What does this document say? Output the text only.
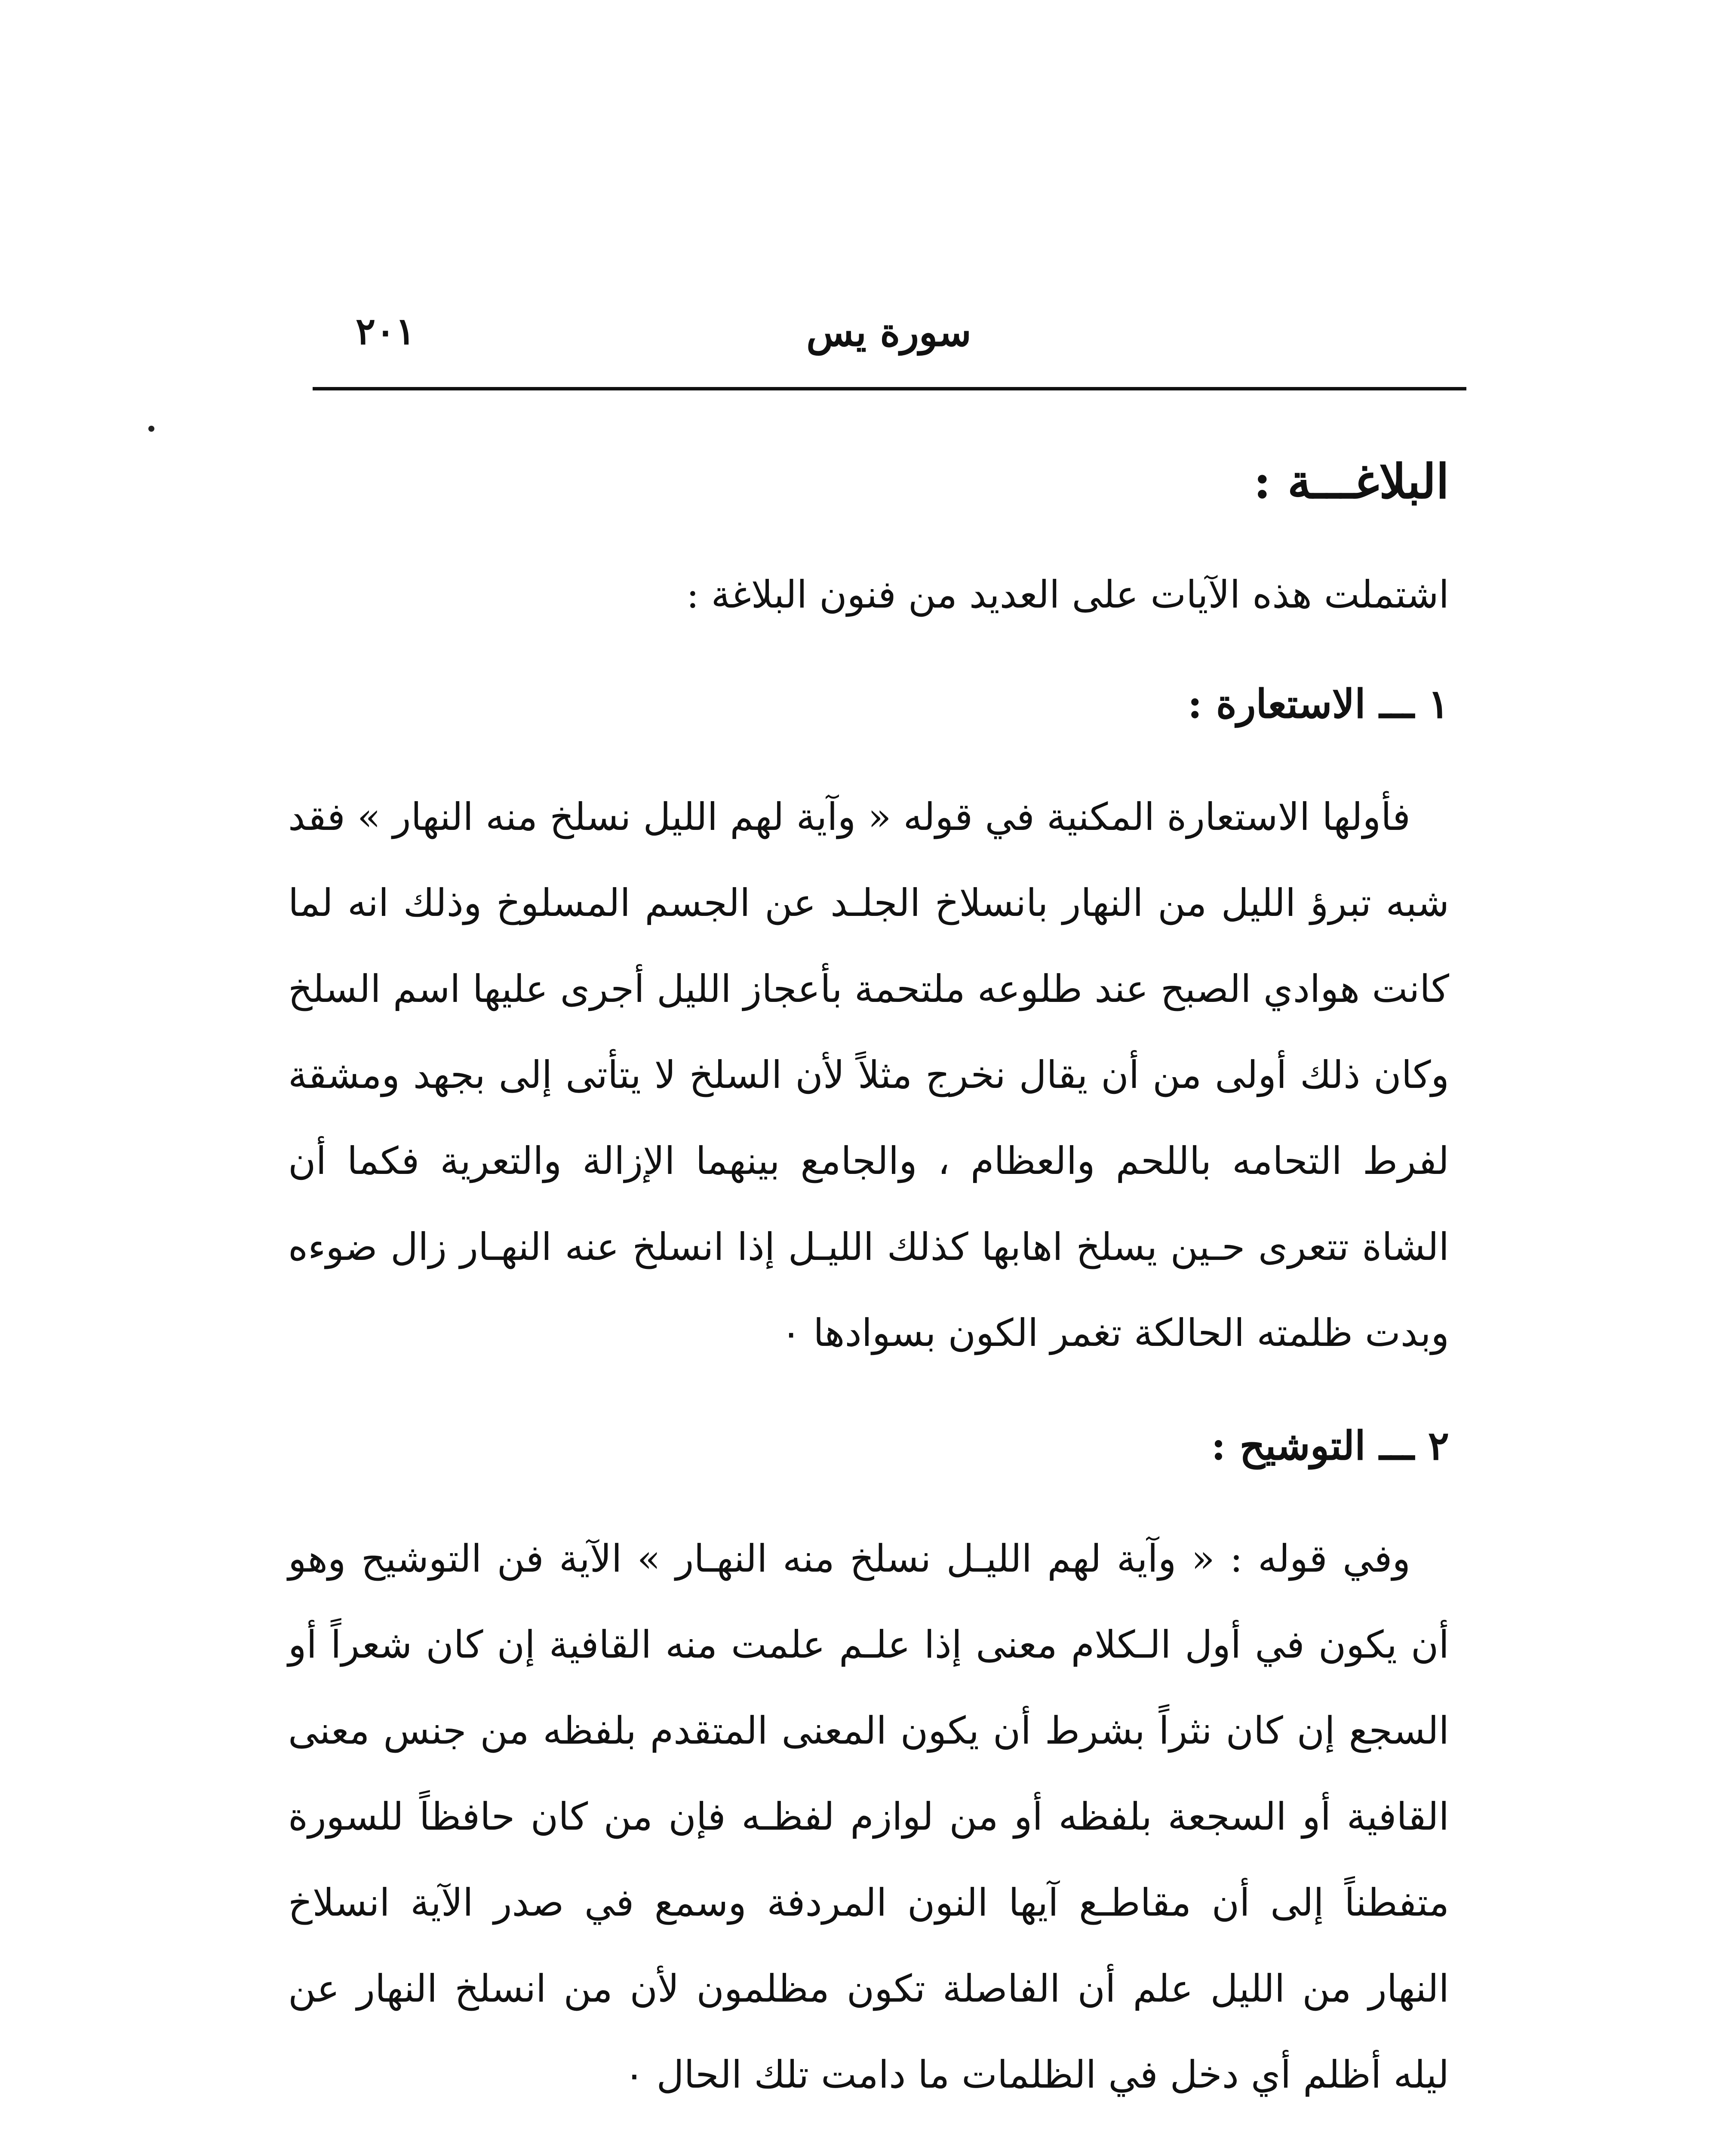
٢٠١	سورة يس
البلاغـــة :
اشتملت هذه الآيات على العديد من فنون البلاغة :
١ ـــ الاستعارة :

فأولها الاستعارة المكنية في قوله « وآية لهم الليل نسلخ منه النهار » فقد شبه تبرؤ الليل من النهار بانسلاخ الجلـد عن الجسم المسلوخ وذلك انه لما كانت هوادي الصبح عند طلوعه ملتحمة بأعجاز الليل أجرى عليها اسم السلخ وكان ذلك أولى من أن يقال نخرج مثلاً لأن السلخ لا يتأتى إلى بجهد ومشقة لفرط التحامه باللحم والعظام ، والجامع بينهما الإزالة والتعرية فكما أن الشاة تتعرى حـين يسلخ اهابها كذلك الليـل إذا انسلخ عنه النهـار زال ضوءه وبدت ظلمته الحالكة تغمر الكون بسوادها ٠

٢ ـــ التوشيح :

وفي قوله : « وآية لهم الليـل نسلخ منه النهـار » الآية فن التوشيح وهو أن يكون في أول الـكلام معنى إذا علـم علمت منه القافية إن كان شعراً أو السجع إن كان نثراً بشرط أن يكون المعنى المتقدم بلفظه من جنس معنى القافية أو السجعة بلفظه أو من لوازم لفظـه فإن من كان حافظاً للسورة متفطناً إلى أن مقاطـع آيها النون المردفة وسمع في صدر الآية انسلاخ النهار من الليل علم أن الفاصلة تكون مظلمون لأن من انسلخ النهار عن ليله أظلم أي دخل في الظلمات ما دامت تلك الحال ٠
